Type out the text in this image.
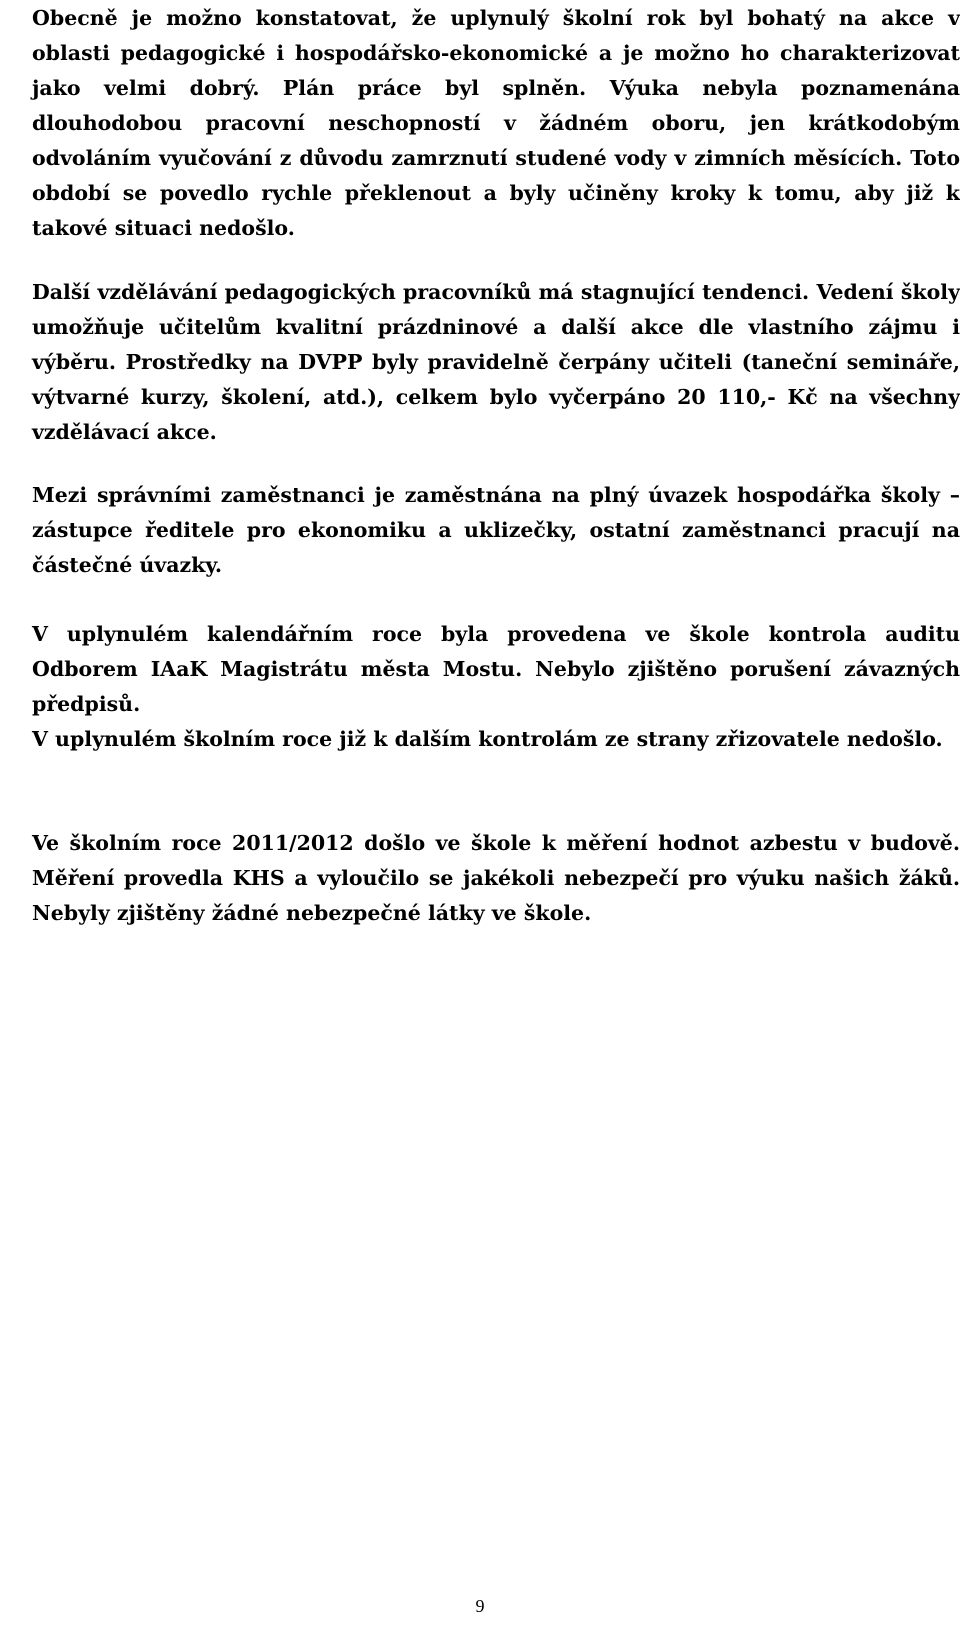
Obecně je možno konstatovat, že uplynulý školní rok byl bohatý na akce v oblasti pedagogické i hospodářsko-ekonomické a je možno ho charakterizovat jako velmi dobrý. Plán práce byl splněn. Výuka nebyla poznamenána dlouhodobou pracovní neschopností v žádném oboru, jen krátkodobým odvoláním vyučování z důvodu zamrznutí studené vody v zimních měsících. Toto období se povedlo rychle překlenout a byly učiněny kroky k tomu, aby již k takové situaci nedošlo.

Další vzdělávání pedagogických pracovníků má stagnující tendenci. Vedení školy umožňuje učitelům kvalitní prázdninové a další akce dle vlastního zájmu i výběru. Prostředky na DVPP byly pravidelně čerpány učiteli (taneční semináře, výtvarné kurzy, školení, atd.), celkem bylo vyčerpáno 20 110,- Kč na všechny vzdělávací akce.

Mezi správními zaměstnanci je zaměstnána na plný úvazek hospodářka školy – zástupce ředitele pro ekonomiku a uklizečky, ostatní zaměstnanci pracují na částečné úvazky.

V uplynulém kalendářním roce byla provedena ve škole kontrola auditu Odborem IAaK Magistrátu města Mostu. Nebylo zjištěno porušení závazných předpisů.

V uplynulém školním roce již k dalším kontrolám ze strany zřizovatele nedošlo.

Ve školním roce 2011/2012 došlo ve škole k měření hodnot azbestu v budově. Měření provedla KHS a vyloučilo se jakékoli nebezpečí pro výuku našich žáků. Nebyly zjištěny žádné nebezpečné látky ve škole.

9
